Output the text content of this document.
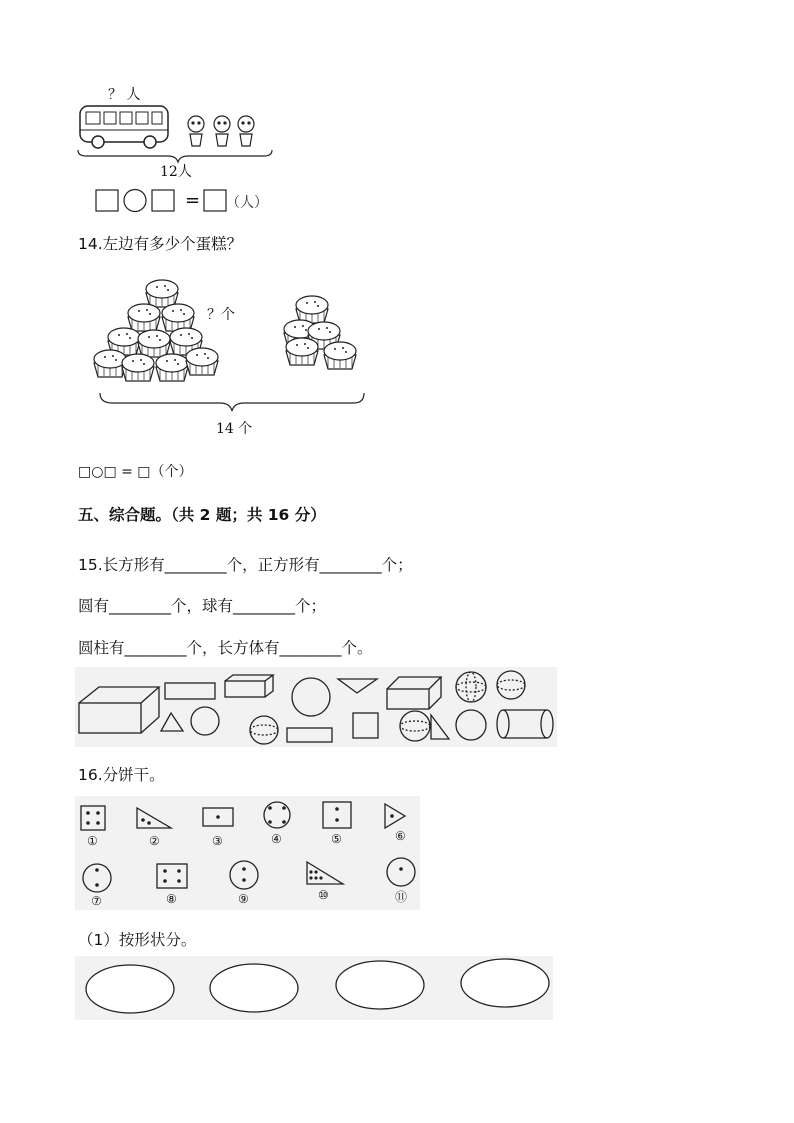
？ 人
12人
= （人）
14.左边有多少个蛋糕？
？个
14 个
□○□ = □（个）
五、综合题。（共 2 题；共 16 分）
15.长方形有________个，正方形有________个；
圆有________个，球有________个；
圆柱有________个，长方体有________个。
16.分饼干。
①	②	③	④	⑤	⑥
⑦	⑧	⑨	⑩	⑪
（1）按形状分。
